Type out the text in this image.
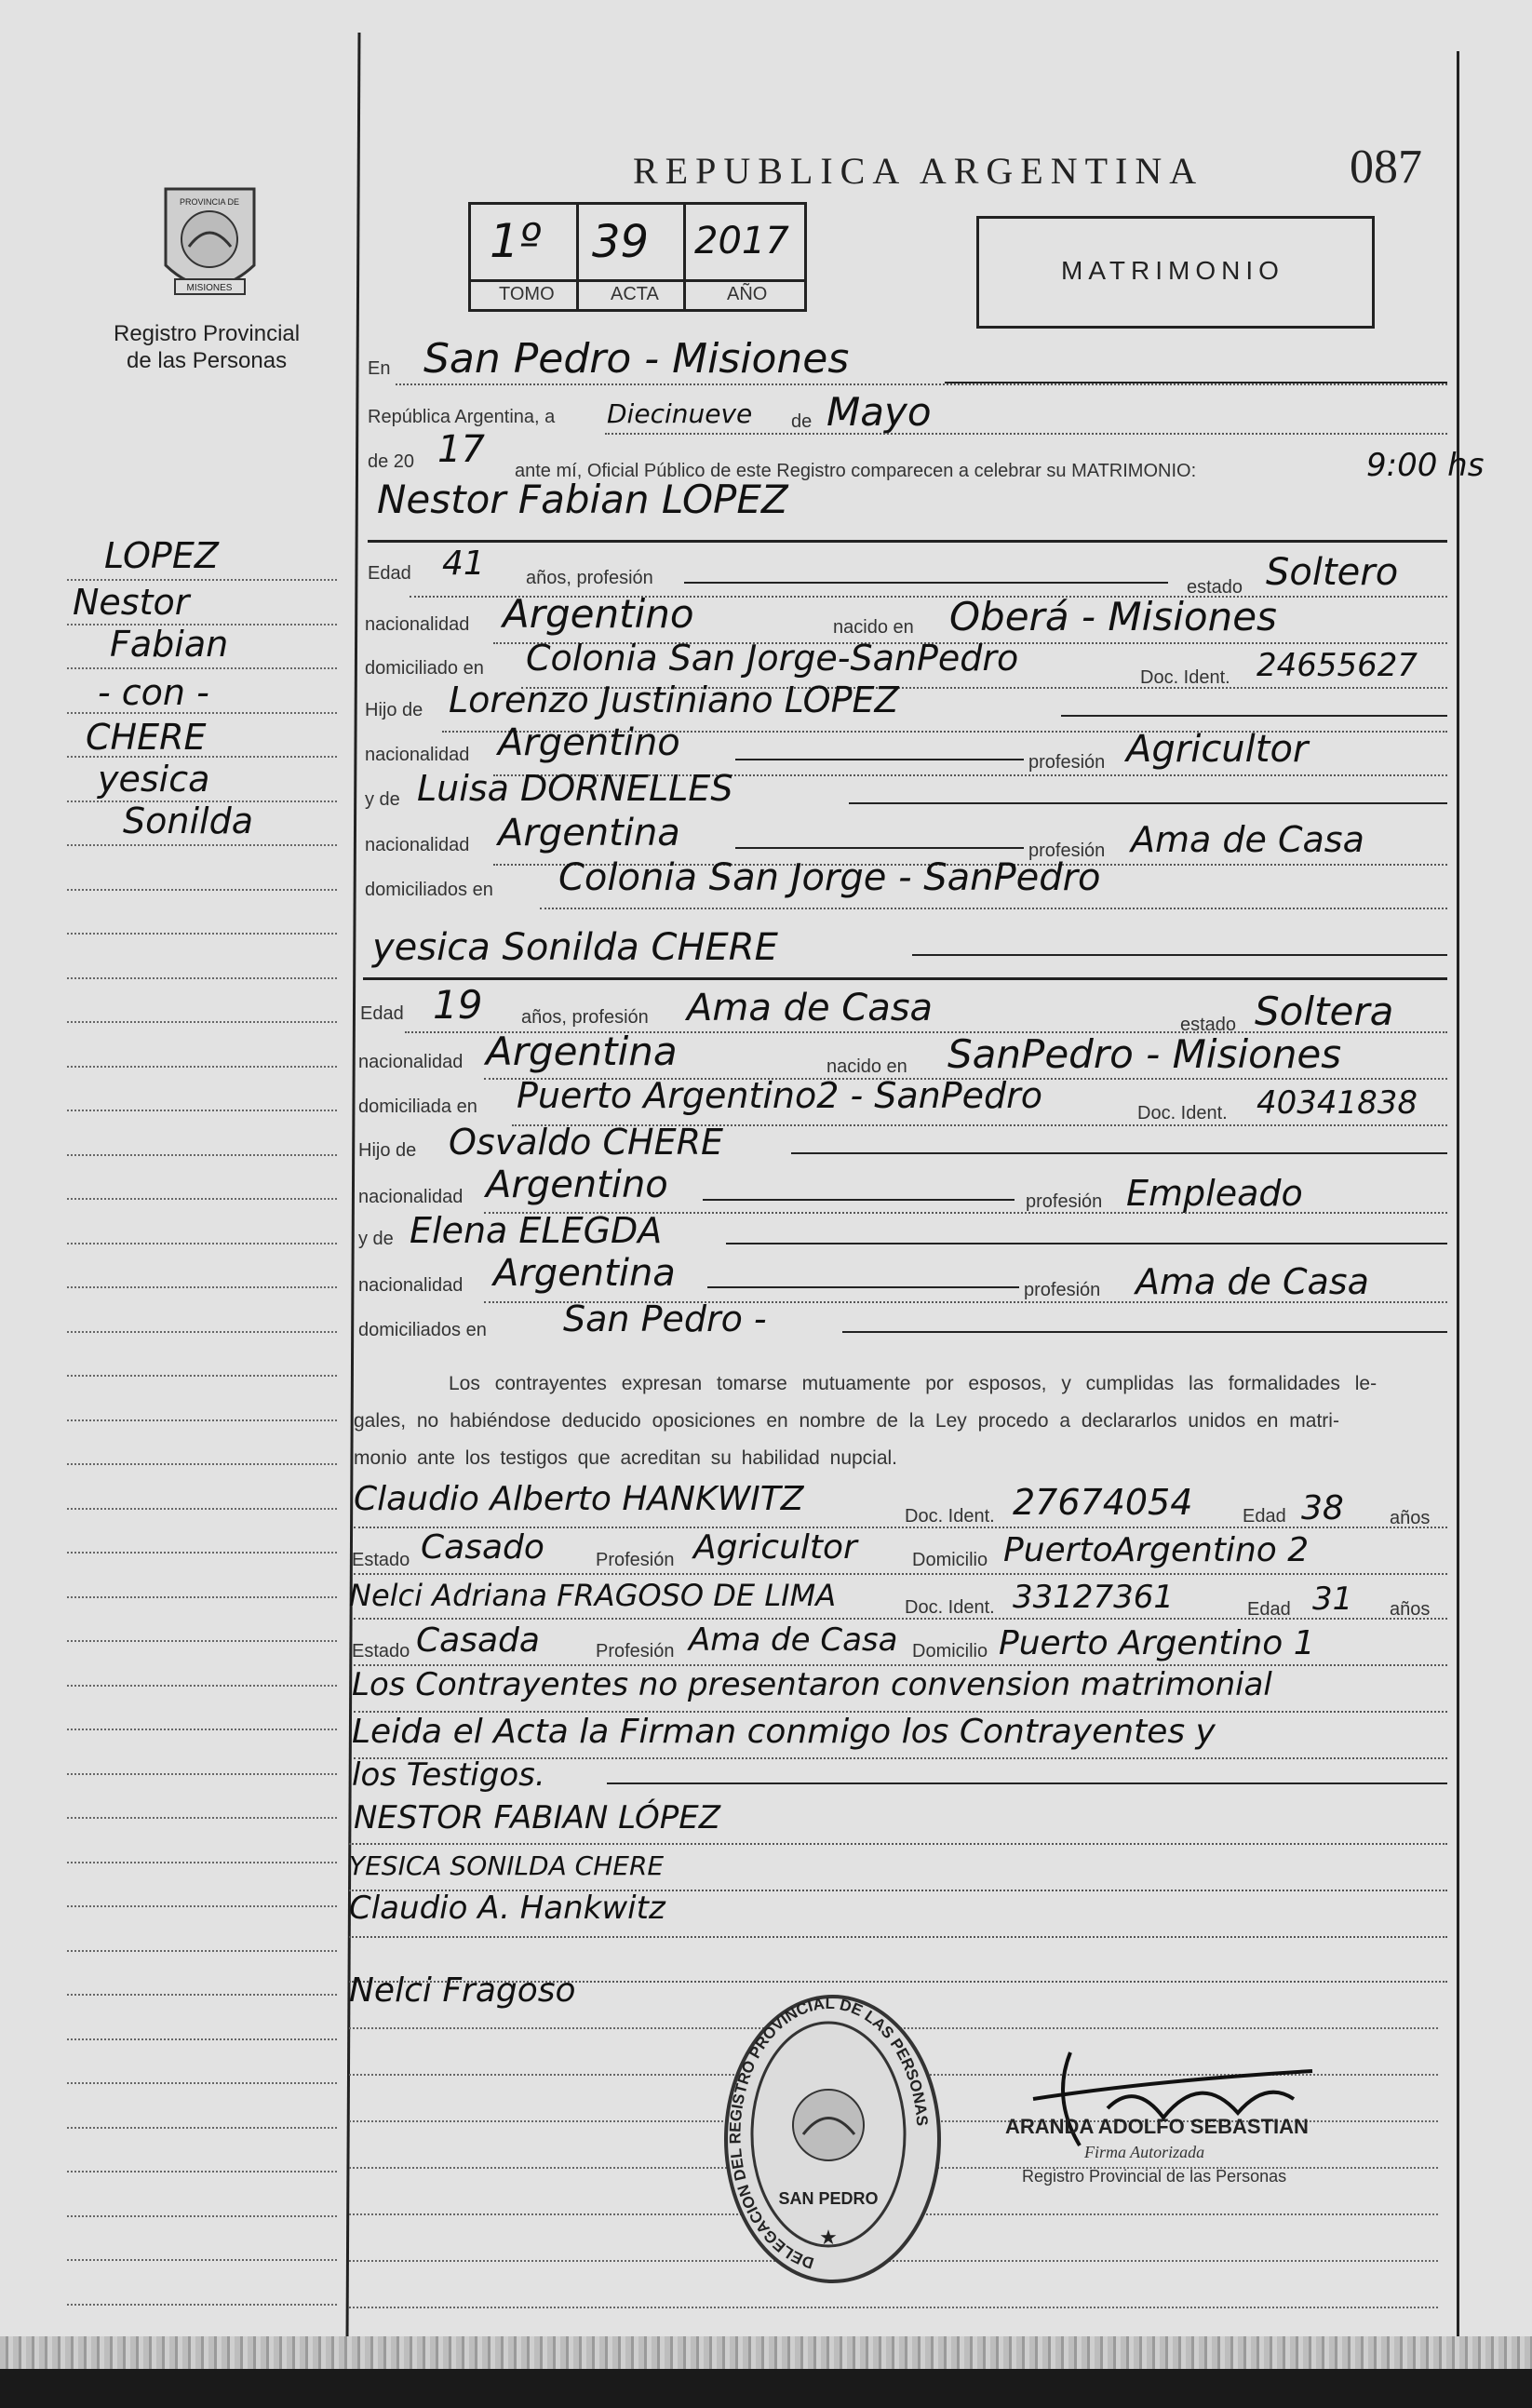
REPUBLICA ARGENTINA	087
PROVINCIA DE
MISIONES
Registro Provincial
de las Personas
1º 39 2017
TOMO	ACTA	AÑO
MATRIMONIO
LOPEZ
Nestor
Fabian
- con -
CHERE
yesica
Sonilda
En San Pedro - Misiones
República Argentina, a Diecinueve de Mayo
de 20 17 ante mí, Oficial Público de este Registro comparecen a celebrar su MATRIMONIO:	9:00 hs
Nestor Fabian LOPEZ
Edad 41 años, profesión	estado Soltero
nacionalidad Argentino	nacido en Oberá - Misiones
domiciliado en Colonia San Jorge-SanPedro	Doc. Ident. 24655627
Hijo de Lorenzo Justiniano LOPEZ
nacionalidad Argentino	profesión Agricultor
y de Luisa DORNELLES
nacionalidad Argentina	profesión Ama de Casa
domiciliados en Colonia San Jorge - SanPedro
yesica Sonilda CHERE
Edad 19 años, profesión Ama de Casa	estado Soltera
nacionalidad Argentina	nacido en SanPedro - Misiones
domiciliada en Puerto Argentino2 - SanPedro	Doc. Ident. 40341838
Hijo de Osvaldo CHERE
nacionalidad Argentino	profesión Empleado
y de Elena ELEGDA
nacionalidad Argentina	profesión Ama de Casa
domiciliados en San Pedro -
Los contrayentes expresan tomarse mutuamente por esposos, y cumplidas las formalidades le-
gales, no habiéndose deducido oposiciones en nombre de la Ley procedo a declararlos unidos en matri-
monio ante los testigos que acreditan su habilidad nupcial.
Claudio Alberto HANKWITZ	Doc. Ident. 27674054	Edad 38 años
Estado Casado	Profesión Agricultor	Domicilio PuertoArgentino 2
Nelci Adriana FRAGOSO DE LIMA	Doc. Ident. 33127361	Edad 31 años
Estado Casada	Profesión Ama de Casa Domicilio Puerto Argentino 1
Los Contrayentes no presentaron convension matrimonial
Leida el Acta la Firman conmigo los Contrayentes y
los Testigos.
NESTOR FABIAN LÓPEZ
YESICA SONILDA CHERE
Claudio A. Hankwitz
Nelci Fragoso
DELEGACION DEL REGISTRO PROVINCIAL DE LAS PERSONAS
SAN PEDRO
★
ARANDA ADOLFO SEBASTIAN
Firma Autorizada
Registro Provincial de las Personas
